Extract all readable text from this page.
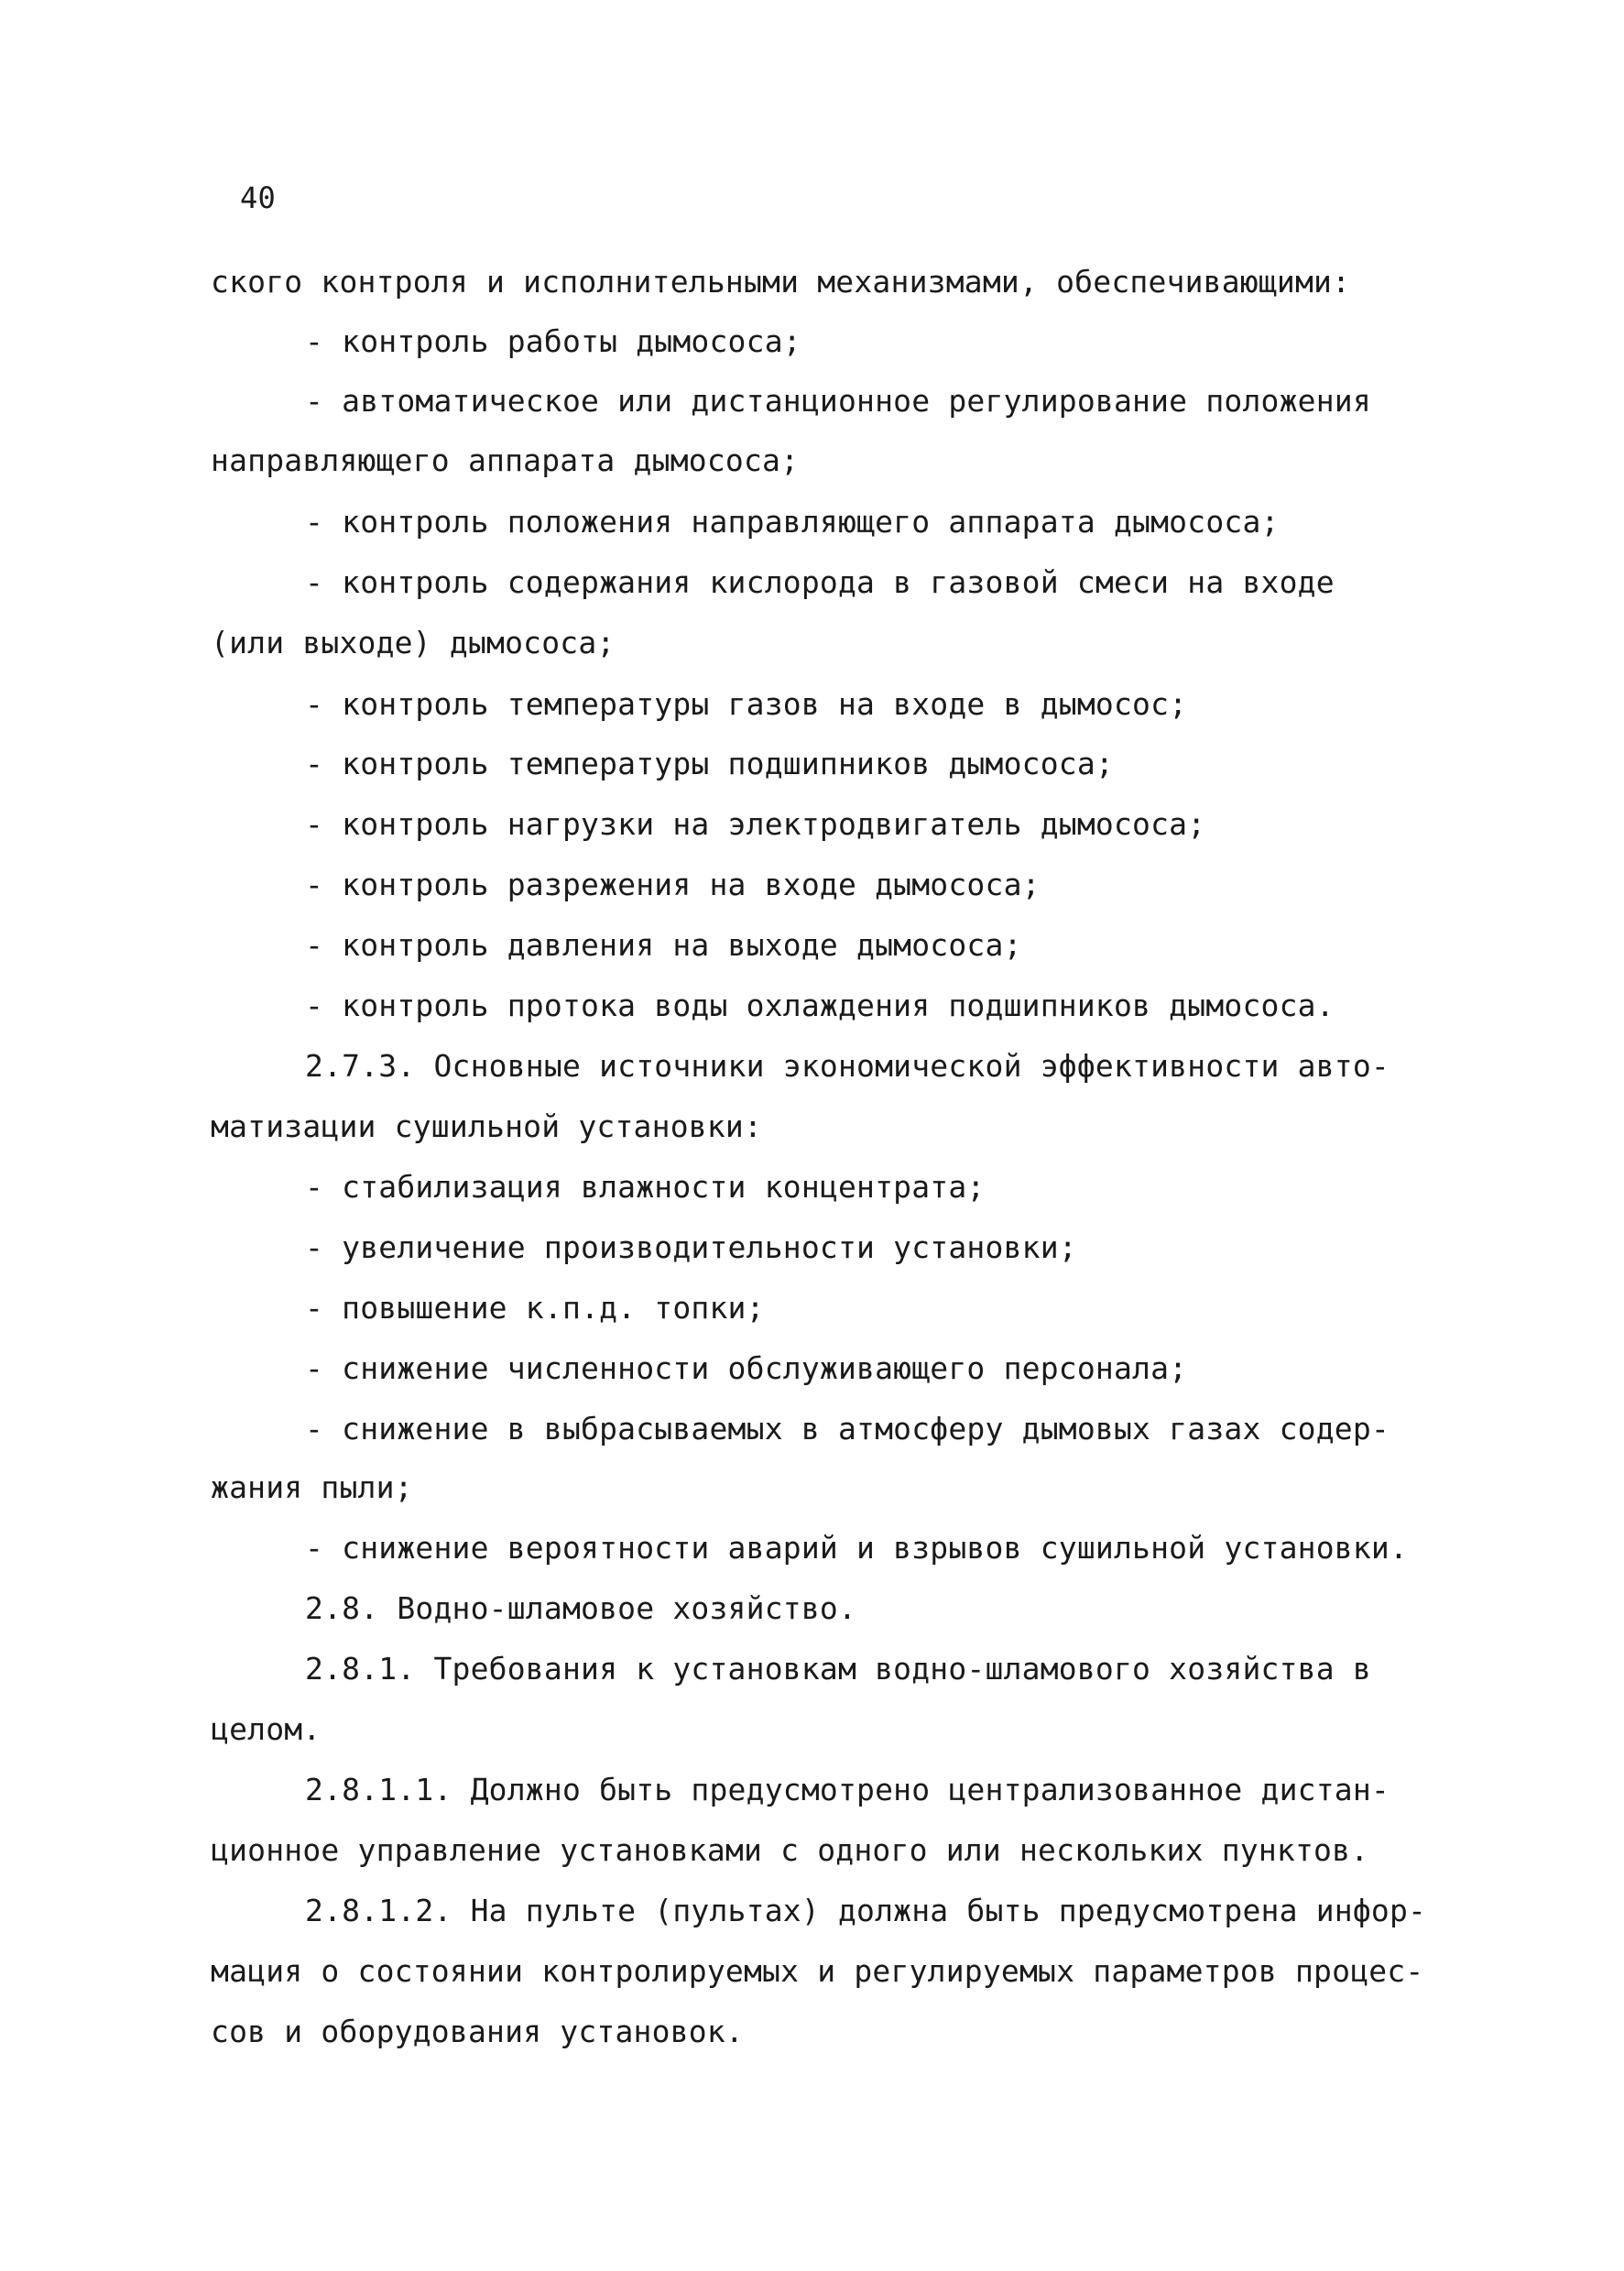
40
ского контроля и исполнительными механизмами, обеспечивающими:
- контроль работы дымососа;
- автоматическое или дистанционное регулирование положения
направляющего аппарата дымососа;
- контроль положения направляющего аппарата дымососа;
- контроль содержания кислорода в газовой смеси на входе
(или выходе) дымососа;
- контроль температуры газов на входе в дымосос;
- контроль температуры подшипников дымососа;
- контроль нагрузки на электродвигатель дымососа;
- контроль разрежения на входе дымососа;
- контроль давления на выходе дымососа;
- контроль протока воды охлаждения подшипников дымососа.
2.7.3. Основные источники экономической эффективности авто-
матизации сушильной установки:
- стабилизация влажности концентрата;
- увеличение производительности установки;
- повышение к.п.д. топки;
- снижение численности обслуживающего персонала;
- снижение в выбрасываемых в атмосферу дымовых газах содер-
жания пыли;
- снижение вероятности аварий и взрывов сушильной установки.
2.8. Водно-шламовое хозяйство.
2.8.1. Требования к установкам водно-шламового хозяйства в
целом.
2.8.1.1. Должно быть предусмотрено централизованное дистан-
ционное управление установками с одного или нескольких пунктов.
2.8.1.2. На пульте (пультах) должна быть предусмотрена инфор-
мация о состоянии контролируемых и регулируемых параметров процес-
сов и оборудования установок.
